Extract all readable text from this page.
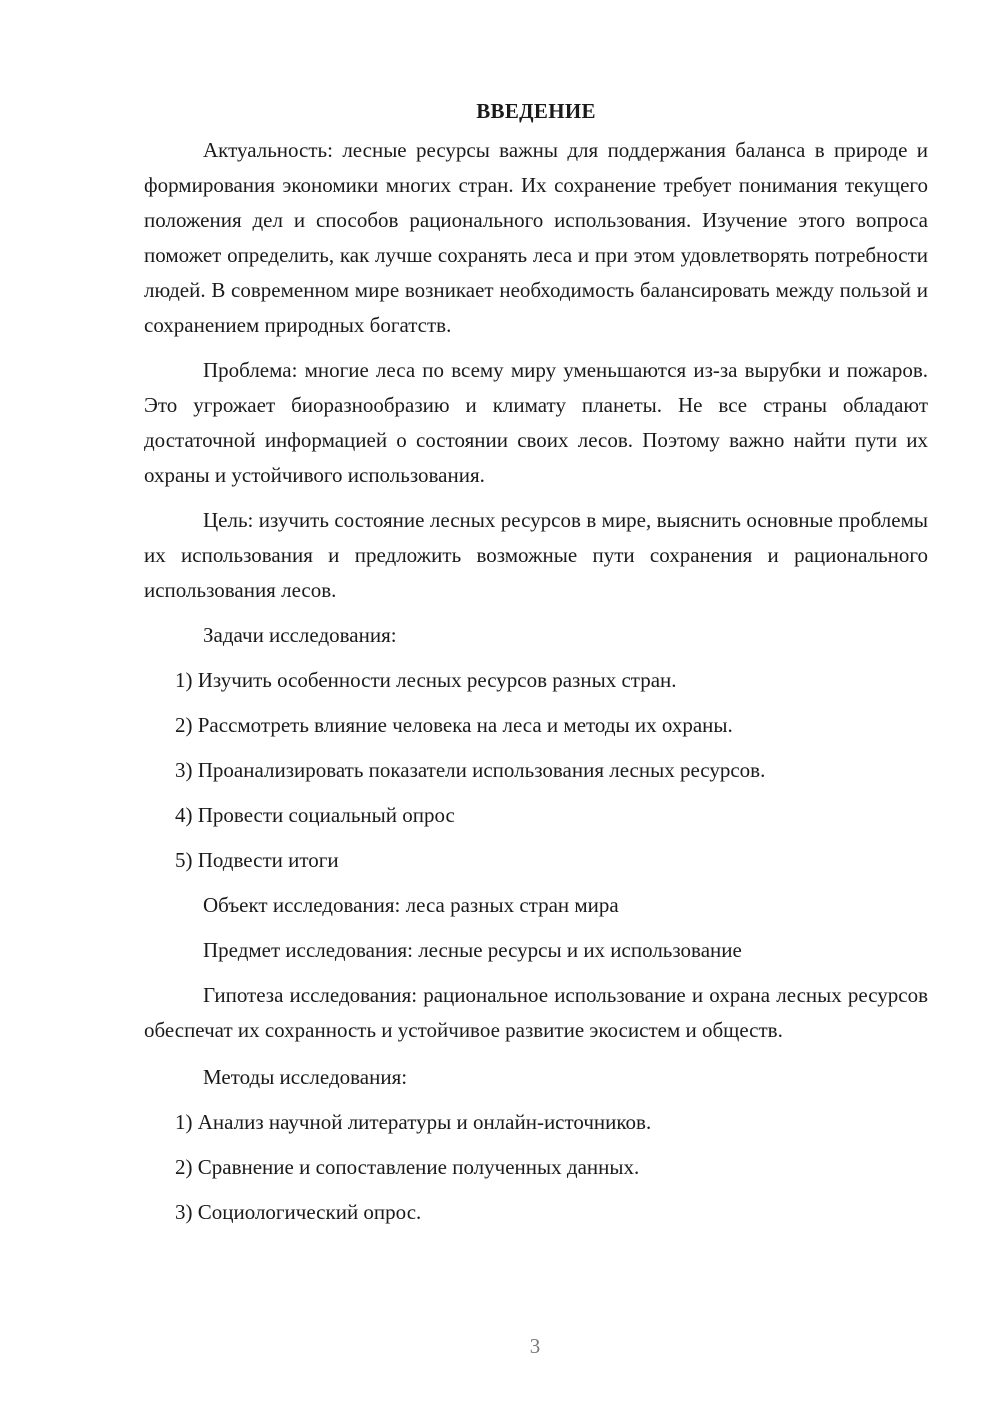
ВВЕДЕНИЕ

Актуальность: лесные ресурсы важны для поддержания баланса в природе и формирования экономики многих стран. Их сохранение требует понимания текущего положения дел и способов рационального использования. Изучение этого вопроса поможет определить, как лучше сохранять леса и при этом удовлетворять потребности людей. В современном мире возникает необходимость балансировать между пользой и сохранением природных богатств.

Проблема: многие леса по всему миру уменьшаются из-за вырубки и пожаров. Это угрожает биоразнообразию и климату планеты. Не все страны обладают достаточной информацией о состоянии своих лесов. Поэтому важно найти пути их охраны и устойчивого использования.

Цель: изучить состояние лесных ресурсов в мире, выяснить основные проблемы их использования и предложить возможные пути сохранения и рационального использования лесов.

Задачи исследования:
1) Изучить особенности лесных ресурсов разных стран.
2) Рассмотреть влияние человека на леса и методы их охраны.
3) Проанализировать показатели использования лесных ресурсов.
4) Провести социальный опрос
5) Подвести итоги
Объект исследования: леса разных стран мира
Предмет исследования: лесные ресурсы и их использование

Гипотеза исследования: рациональное использование и охрана лесных ресурсов обеспечат их сохранность и устойчивое развитие экосистем и обществ.

Методы исследования:
1) Анализ научной литературы и онлайн-источников.
2) Сравнение и сопоставление полученных данных.
3) Социологический опрос.
3
